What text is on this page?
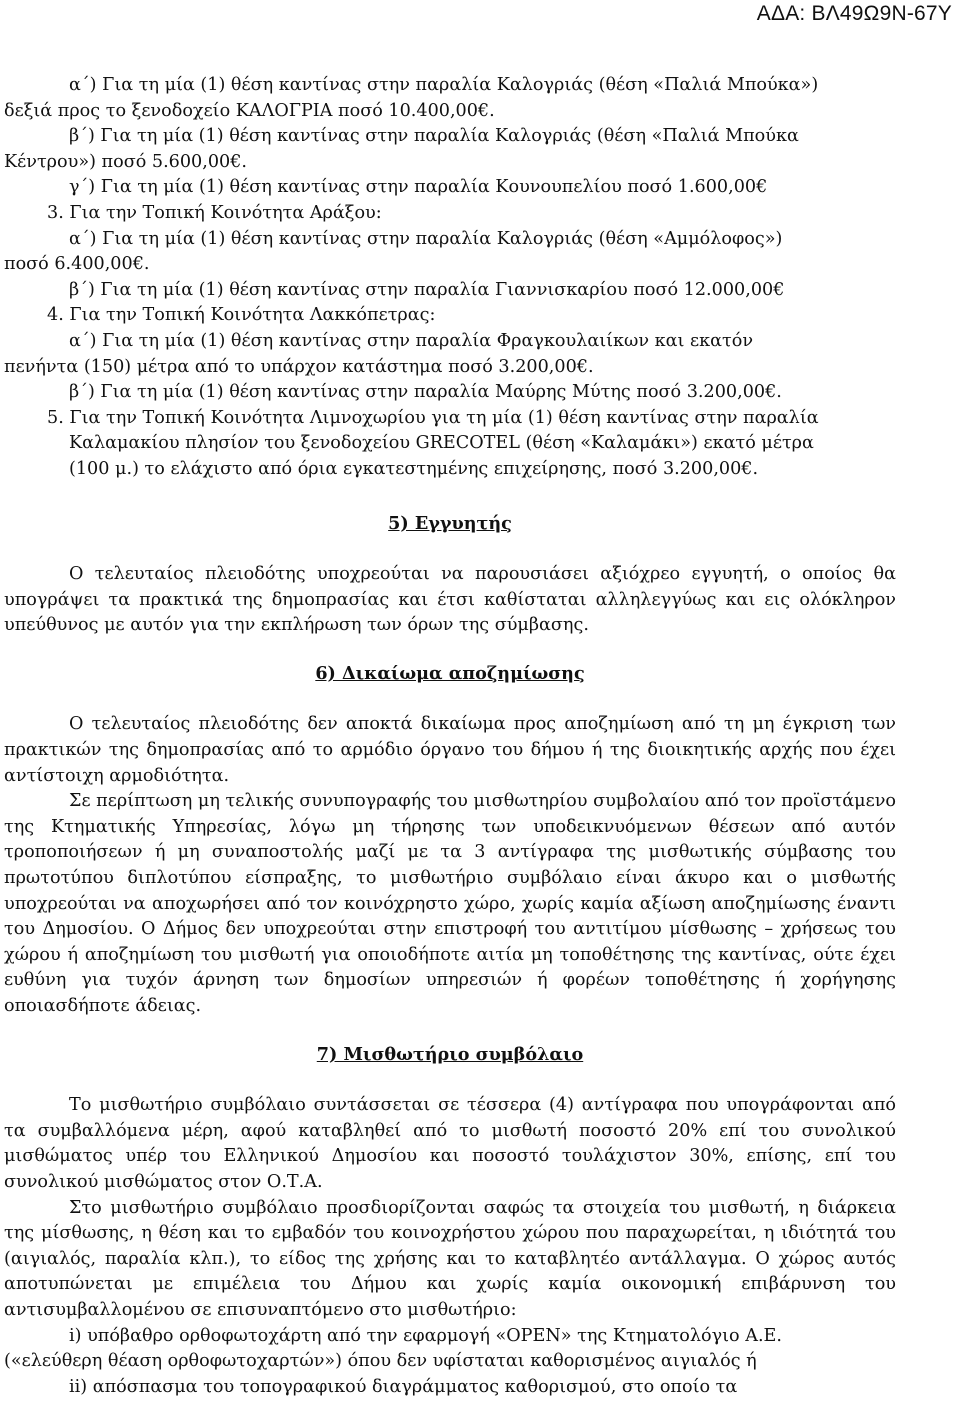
ΑΔΑ: ΒΛ49Ω9Ν-67Υ
α΄) Για τη μία (1) θέση καντίνας στην παραλία Καλογριάς (θέση «Παλιά Μπούκα»)
δεξιά προς το ξενοδοχείο ΚΑΛΟΓΡΙΑ ποσό 10.400,00€.
β΄) Για τη μία (1) θέση καντίνας στην παραλία Καλογριάς (θέση «Παλιά Μπούκα
Κέντρου») ποσό 5.600,00€.
γ΄) Για τη μία (1) θέση καντίνας στην παραλία Κουνουπελίου ποσό 1.600,00€
3. Για την Τοπική Κοινότητα Αράξου:
α΄) Για τη μία (1) θέση καντίνας στην παραλία Καλογριάς (θέση «Αμμόλοφος»)
ποσό 6.400,00€.
β΄) Για τη μία (1) θέση καντίνας στην παραλία Γιαννισκαρίου ποσό 12.000,00€
4. Για την Τοπική Κοινότητα Λακκόπετρας:
α΄) Για τη μία (1) θέση καντίνας στην παραλία Φραγκουλαιίκων και εκατόν
πενήντα (150) μέτρα από το υπάρχον κατάστημα ποσό 3.200,00€.
β΄) Για τη μία (1) θέση καντίνας στην παραλία Μαύρης Μύτης ποσό 3.200,00€.
5. Για την Τοπική Κοινότητα Λιμνοχωρίου για τη μία (1) θέση καντίνας στην παραλία
Καλαμακίου πλησίον του ξενοδοχείου GRECOTEL (θέση «Καλαμάκι») εκατό μέτρα
(100 μ.) το ελάχιστο από όρια εγκατεστημένης επιχείρησης, ποσό 3.200,00€.
5) Εγγυητής
Ο τελευταίος πλειοδότης υποχρεούται να παρουσιάσει αξιόχρεο εγγυητή, ο οποίος θα υπογράψει τα πρακτικά της δημοπρασίας και έτσι καθίσταται αλληλεγγύως και εις ολόκληρον υπεύθυνος με αυτόν για την εκπλήρωση των όρων της σύμβασης.
6) Δικαίωμα αποζημίωσης
Ο τελευταίος πλειοδότης δεν αποκτά δικαίωμα προς αποζημίωση από τη μη έγκριση των πρακτικών της δημοπρασίας από το αρμόδιο όργανο του δήμου ή της διοικητικής αρχής που έχει αντίστοιχη αρμοδιότητα.
Σε περίπτωση μη τελικής συνυπογραφής του μισθωτηρίου συμβολαίου από τον προϊστάμενο της Κτηματικής Υπηρεσίας, λόγω μη τήρησης των υποδεικνυόμενων θέσεων από αυτόν τροποποιήσεων ή μη συναποστολής μαζί με τα 3 αντίγραφα της μισθωτικής σύμβασης του πρωτοτύπου διπλοτύπου είσπραξης, το μισθωτήριο συμβόλαιο είναι άκυρο και ο μισθωτής υποχρεούται να αποχωρήσει από τον κοινόχρηστο χώρο, χωρίς καμία αξίωση αποζημίωσης έναντι του Δημοσίου. Ο Δήμος δεν υποχρεούται στην επιστροφή του αντιτίμου μίσθωσης – χρήσεως του χώρου ή αποζημίωση του μισθωτή για οποιοδήποτε αιτία μη τοποθέτησης της καντίνας, ούτε έχει ευθύνη για τυχόν άρνηση των δημοσίων υπηρεσιών ή φορέων τοποθέτησης ή χορήγησης οποιασδήποτε άδειας.
7) Μισθωτήριο συμβόλαιο
Το μισθωτήριο συμβόλαιο συντάσσεται σε τέσσερα (4) αντίγραφα που υπογράφονται από τα συμβαλλόμενα μέρη, αφού καταβληθεί από το μισθωτή ποσοστό 20% επί του συνολικού μισθώματος υπέρ του Ελληνικού Δημοσίου και ποσοστό τουλάχιστον 30%, επίσης, επί του συνολικού μισθώματος στον Ο.Τ.Α.
Στο μισθωτήριο συμβόλαιο προσδιορίζονται σαφώς τα στοιχεία του μισθωτή, η διάρκεια της μίσθωσης, η θέση και το εμβαδόν του κοινοχρήστου χώρου που παραχωρείται, η ιδιότητά του (αιγιαλός, παραλία κλπ.), το είδος της χρήσης και το καταβλητέο αντάλλαγμα. Ο χώρος αυτός αποτυπώνεται με επιμέλεια του Δήμου και χωρίς καμία οικονομική επιβάρυνση του αντισυμβαλλομένου σε επισυναπτόμενο στο μισθωτήριο:
i) υπόβαθρο ορθοφωτοχάρτη από την εφαρμογή «OPEN» της Κτηματολόγιο Α.Ε.
(«ελεύθερη θέαση ορθοφωτοχαρτών») όπου δεν υφίσταται καθορισμένος αιγιαλός ή
ii) απόσπασμα του τοπογραφικού διαγράμματος καθορισμού, στο οποίο τα
